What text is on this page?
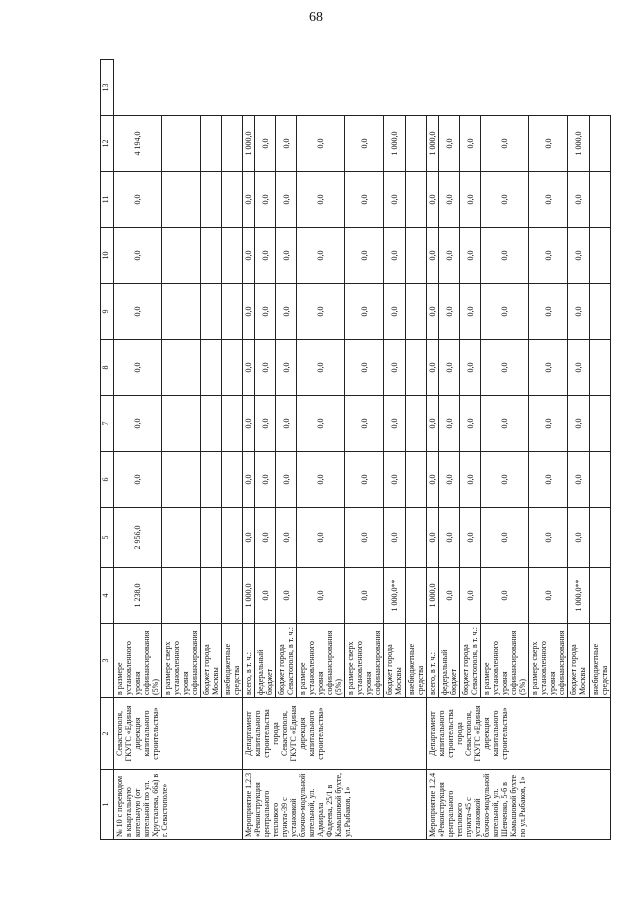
68
1	2	3	4	5	6	7	8	9	10	11	12	13
№ 10 с переводом в квартальную котельную (от котельной по ул. Хрусталева, 66а) в г. Севастополе»	Севастополя, ГКУГС «Единая дирекция капитального строительства»	в размере установленного уровня софинансирования (5%)	1 238,0	2 956,0	0,0	0,0	0,0	0,0	0,0	0,0	4 194,0	
		в размере сверх установленного уровня софинансирования										
		бюджет города Москвы										
		внебюджетные средства										
Мероприятие 1.2.3 «Реконструкция центрального теплового пункта-39 с установкой блочно-модульной котельной, ул. Адмирала Фадеева, 25/1 в Камышовой бухте, ул.Рыбаков, 1»	Департамент капитального строительства города Севастополя, ГКУГС «Единая дирекция капитального строительства»	всего, в т. ч.:	1 000,0	0,0	0,0	0,0	0,0	0,0	0,0	0,0	1 000,0	
		федеральный бюджет	0,0	0,0	0,0	0,0	0,0	0,0	0,0	0,0	0,0	
		бюджет города Севастополя, в т. ч.:	0,0	0,0	0,0	0,0	0,0	0,0	0,0	0,0	0,0	
		в размере установленного уровня софинансирования (5%)	0,0	0,0	0,0	0,0	0,0	0,0	0,0	0,0	0,0	
		в размере сверх установленного уровня софинансирования	0,0	0,0	0,0	0,0	0,0	0,0	0,0	0,0	0,0	
		бюджет города Москвы	1 000,0**	0,0	0,0	0,0	0,0	0,0	0,0	0,0	1 000,0	
		внебюджетные средства										
Мероприятие 1.2.4 «Реконструкция центрального теплового пункта-45 с установкой блочно-модульной котельной, ул. Шевченко, 5-б в Камышовой бухте по ул.Рыбаков, 1»	Департамент капитального строительства города Севастополя, ГКУГС «Единая дирекция капитального строительства»	всего, в т. ч.:	1 000,0	0,0	0,0	0,0	0,0	0,0	0,0	0,0	1 000,0	
		федеральный бюджет	0,0	0,0	0,0	0,0	0,0	0,0	0,0	0,0	0,0	
		бюджет города Севастополя, в т. ч.:	0,0	0,0	0,0	0,0	0,0	0,0	0,0	0,0	0,0	
		в размере установленного уровня софинансирования (5%)	0,0	0,0	0,0	0,0	0,0	0,0	0,0	0,0	0,0	
		в размере сверх установленного уровня софинансирования	0,0	0,0	0,0	0,0	0,0	0,0	0,0	0,0	0,0	
		бюджет города Москвы	1 000,0**	0,0	0,0	0,0	0,0	0,0	0,0	0,0	1 000,0	
		внебюджетные средства										
